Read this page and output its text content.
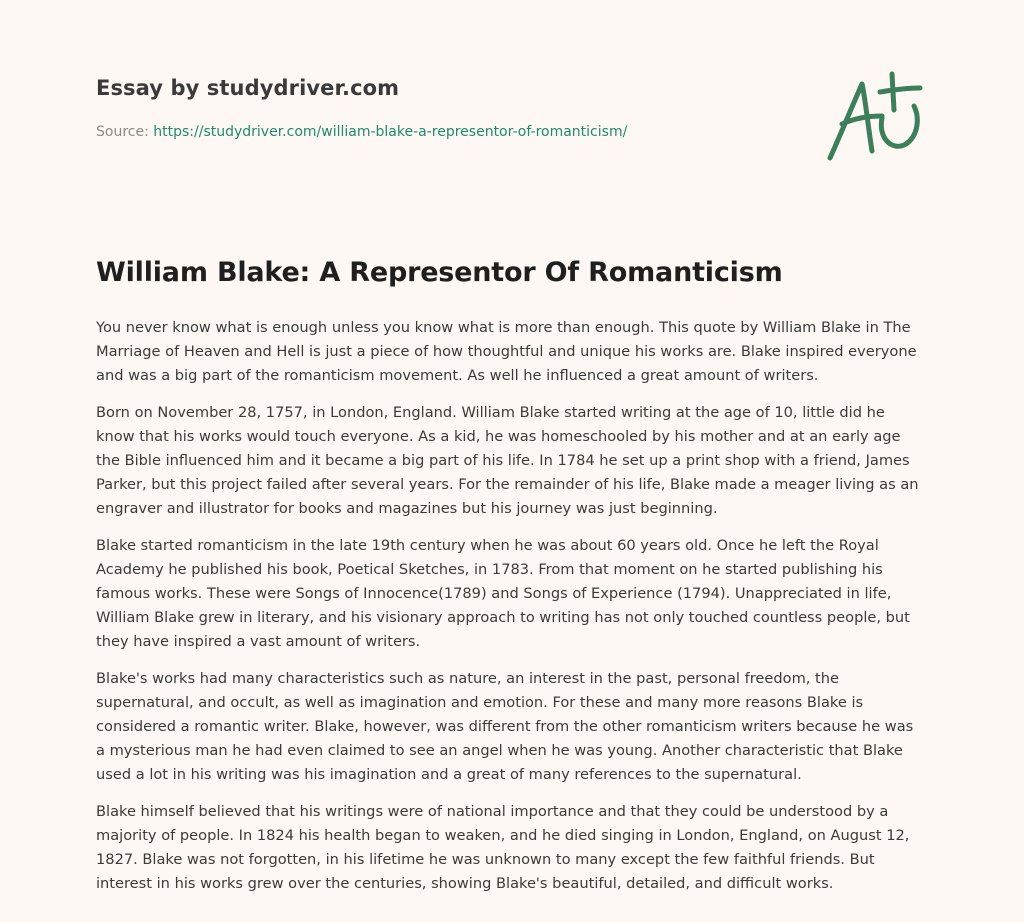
Essay by studydriver.com
Source: https://studydriver.com/william-blake-a-representor-of-romanticism/
William Blake: A Representor Of Romanticism

You never know what is enough unless you know what is more than enough. This quote by William Blake in The Marriage of Heaven and Hell is just a piece of how thoughtful and unique his works are. Blake inspired everyone and was a big part of the romanticism movement. As well he influenced a great amount of writers.

Born on November 28, 1757, in London, England. William Blake started writing at the age of 10, little did he know that his works would touch everyone. As a kid, he was homeschooled by his mother and at an early age the Bible influenced him and it became a big part of his life. In 1784 he set up a print shop with a friend, James Parker, but this project failed after several years. For the remainder of his life, Blake made a meager living as an engraver and illustrator for books and magazines but his journey was just beginning.

Blake started romanticism in the late 19th century when he was about 60 years old. Once he left the Royal Academy he published his book, Poetical Sketches, in 1783. From that moment on he started publishing his famous works. These were Songs of Innocence(1789) and Songs of Experience (1794). Unappreciated in life, William Blake grew in literary, and his visionary approach to writing has not only touched countless people, but they have inspired a vast amount of writers.

Blake's works had many characteristics such as nature, an interest in the past, personal freedom, the supernatural, and occult, as well as imagination and emotion. For these and many more reasons Blake is considered a romantic writer. Blake, however, was different from the other romanticism writers because he was a mysterious man he had even claimed to see an angel when he was young. Another characteristic that Blake used a lot in his writing was his imagination and a great of many references to the supernatural.

Blake himself believed that his writings were of national importance and that they could be understood by a majority of people. In 1824 his health began to weaken, and he died singing in London, England, on August 12, 1827. Blake was not forgotten, in his lifetime he was unknown to many except the few faithful friends. But interest in his works grew over the centuries, showing Blake's beautiful, detailed, and difficult works.
